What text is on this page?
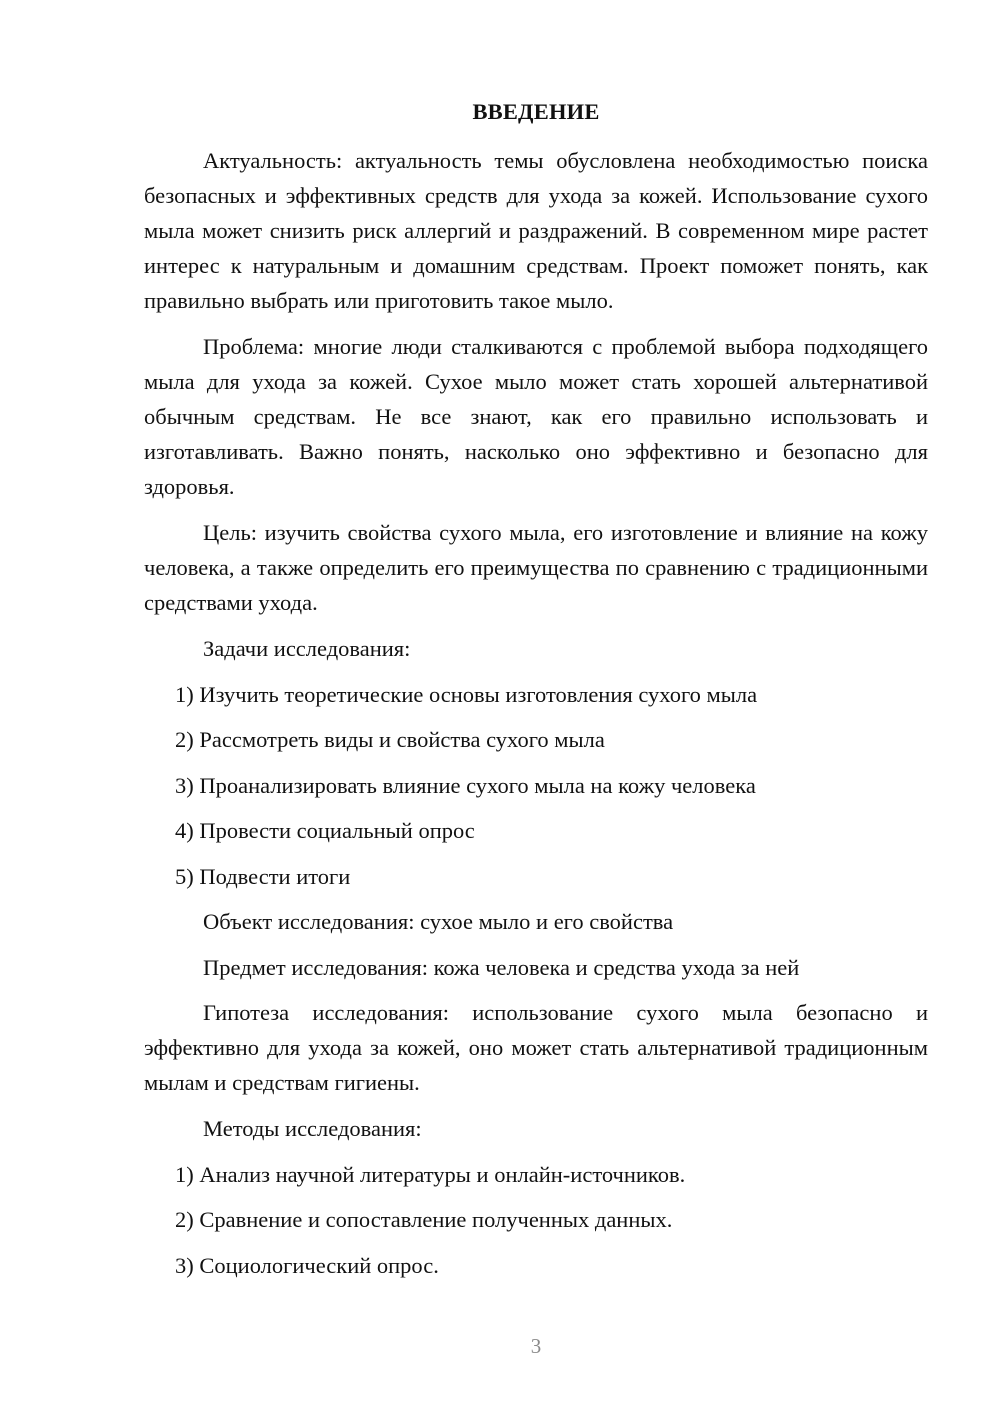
ВВЕДЕНИЕ

Актуальность: актуальность темы обусловлена необходимостью поиска безопасных и эффективных средств для ухода за кожей. Использование сухого мыла может снизить риск аллергий и раздражений. В современном мире растет интерес к натуральным и домашним средствам. Проект поможет понять, как правильно выбрать или приготовить такое мыло.

Проблема: многие люди сталкиваются с проблемой выбора подходящего мыла для ухода за кожей. Сухое мыло может стать хорошей альтернативой обычным средствам. Не все знают, как его правильно использовать и изготавливать. Важно понять, насколько оно эффективно и безопасно для здоровья.

Цель: изучить свойства сухого мыла, его изготовление и влияние на кожу человека, а также определить его преимущества по сравнению с традиционными средствами ухода.

Задачи исследования:
1) Изучить теоретические основы изготовления сухого мыла
2) Рассмотреть виды и свойства сухого мыла
3) Проанализировать влияние сухого мыла на кожу человека
4) Провести социальный опрос
5) Подвести итоги
Объект исследования: сухое мыло и его свойства
Предмет исследования: кожа человека и средства ухода за ней

Гипотеза исследования: использование сухого мыла безопасно и эффективно для ухода за кожей, оно может стать альтернативой традиционным мылам и средствам гигиены.

Методы исследования:
1) Анализ научной литературы и онлайн-источников.
2) Сравнение и сопоставление полученных данных.
3) Социологический опрос.
3
